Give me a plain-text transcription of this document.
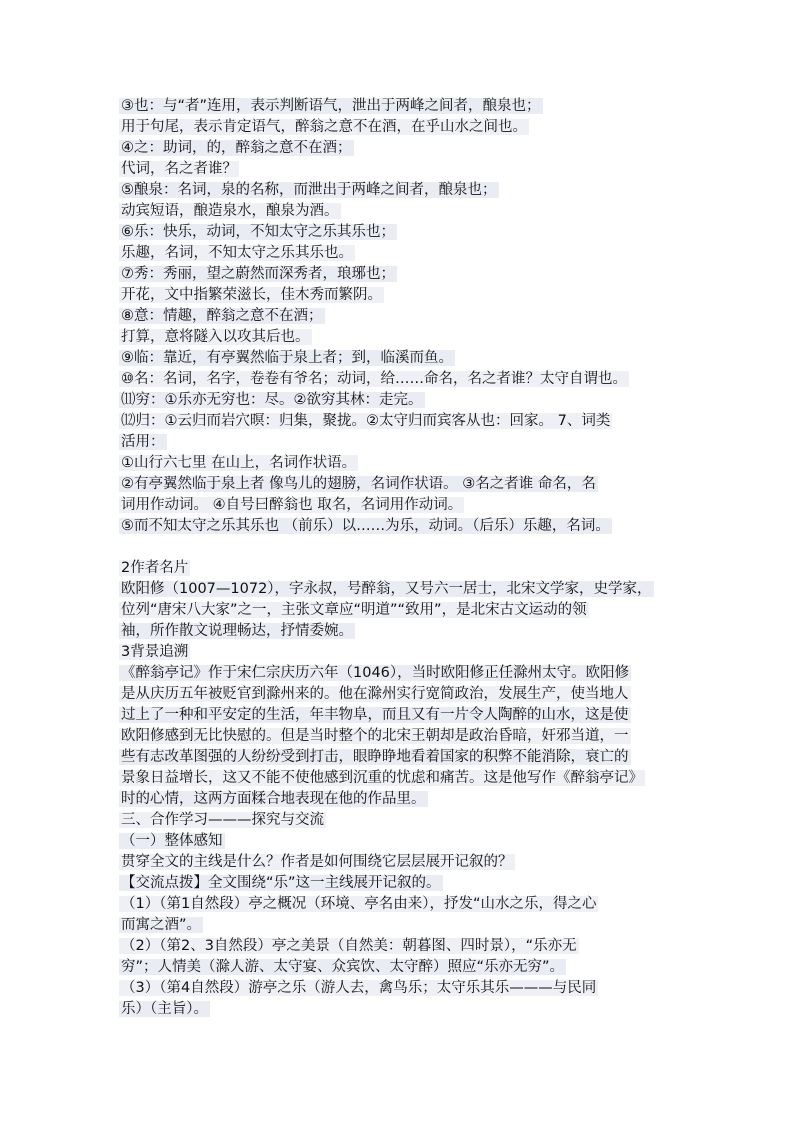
③也：与“者”连用，表示判断语气，泄出于两峰之间者，酿泉也；
用于句尾，表示肯定语气，醉翁之意不在酒，在乎山水之间也。
④之：助词，的，醉翁之意不在酒；
代词，名之者谁？
⑤酿泉：名词，泉的名称，而泄出于两峰之间者，酿泉也；
动宾短语，酿造泉水，酿泉为酒。
⑥乐：快乐，动词，不知太守之乐其乐也；
乐趣，名词，不知太守之乐其乐也。
⑦秀：秀丽，望之蔚然而深秀者，琅琊也；
开花，文中指繁荣滋长，佳木秀而繁阴。
⑧意：情趣，醉翁之意不在酒；
打算，意将隧入以攻其后也。
⑨临：靠近，有亭翼然临于泉上者；到，临溪而鱼。
⑩名：名词，名字，卷卷有爷名；动词，给……命名，名之者谁？太守自谓也。
⑾穷：①乐亦无穷也：尽。②欲穷其林：走完。
⑿归：①云归而岩穴暝：归集，聚拢。②太守归而宾客从也：回家。 7、词类
活用：
①山行六七里 在山上，名词作状语。
②有亭翼然临于泉上者 像鸟儿的翅膀，名词作状语。 ③名之者谁 命名，名
词用作动词。 ④自号曰醉翁也 取名，名词用作动词。
⑤而不知太守之乐其乐也 （前乐）以……为乐，动词。（后乐）乐趣，名词。
2作者名片
欧阳修（1007—1072），字永叔，号醉翁，又号六一居士，北宋文学家，史学家，
位列“唐宋八大家”之一，主张文章应“明道”“致用”，是北宋古文运动的领
袖，所作散文说理畅达，抒情委婉。
3背景追溯
《醉翁亭记》作于宋仁宗庆历六年（1046），当时欧阳修正任滁州太守。欧阳修
是从庆历五年被贬官到滁州来的。他在滁州实行宽简政治，发展生产，使当地人
过上了一种和平安定的生活，年丰物阜，而且又有一片令人陶醉的山水，这是使
欧阳修感到无比快慰的。但是当时整个的北宋王朝却是政治昏暗，奸邪当道，一
些有志改革图强的人纷纷受到打击，眼睁睁地看着国家的积弊不能消除，衰亡的
景象日益增长，这又不能不使他感到沉重的忧虑和痛苦。这是他写作《醉翁亭记》
时的心情，这两方面糅合地表现在他的作品里。
三、合作学习———探究与交流
（一）整体感知
贯穿全文的主线是什么？作者是如何围绕它层层展开记叙的？
【交流点拨】全文围绕“乐”这一主线展开记叙的。
（1）（第1自然段）亭之概况（环境、亭名由来），抒发“山水之乐，得之心
而寓之酒”。
（2）（第2、3自然段）亭之美景（自然美：朝暮图、四时景），“乐亦无
穷”；人情美（滁人游、太守宴、众宾饮、太守醉）照应“乐亦无穷”。
（3）（第4自然段）游亭之乐（游人去，禽鸟乐；太守乐其乐———与民同
乐）（主旨）。
